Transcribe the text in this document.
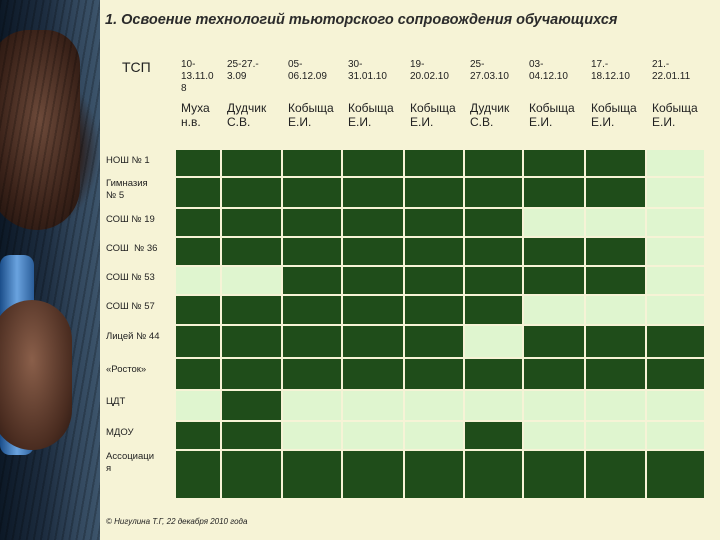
1. Освоение технологий тьюторского сопровождения обучающихся
ТСП	10-
13.11.0
8
Муха
н.в.
25-27.-
3.09
Дудчик
С.В.
05-
06.12.09
Кобыща
Е.И.
30-
31.01.10
Кобыща
Е.И.
19-
20.02.10
Кобыща
Е.И.
25-
27.03.10
Дудчик
С.В.
03-
04.12.10
Кобыща
Е.И.
17.-
18.12.10
Кобыща
Е.И.
21.-
22.01.11
Кобыща
Е.И.
НОШ № 1
Гимназия
№ 5
СОШ № 19
СОШ  № 36
СОШ № 53
СОШ № 57
Лицей № 44
«Росток»
ЦДТ
МДОУ
Ассоциаци
я
© Нигулина Т.Г, 22 декабря 2010 года
